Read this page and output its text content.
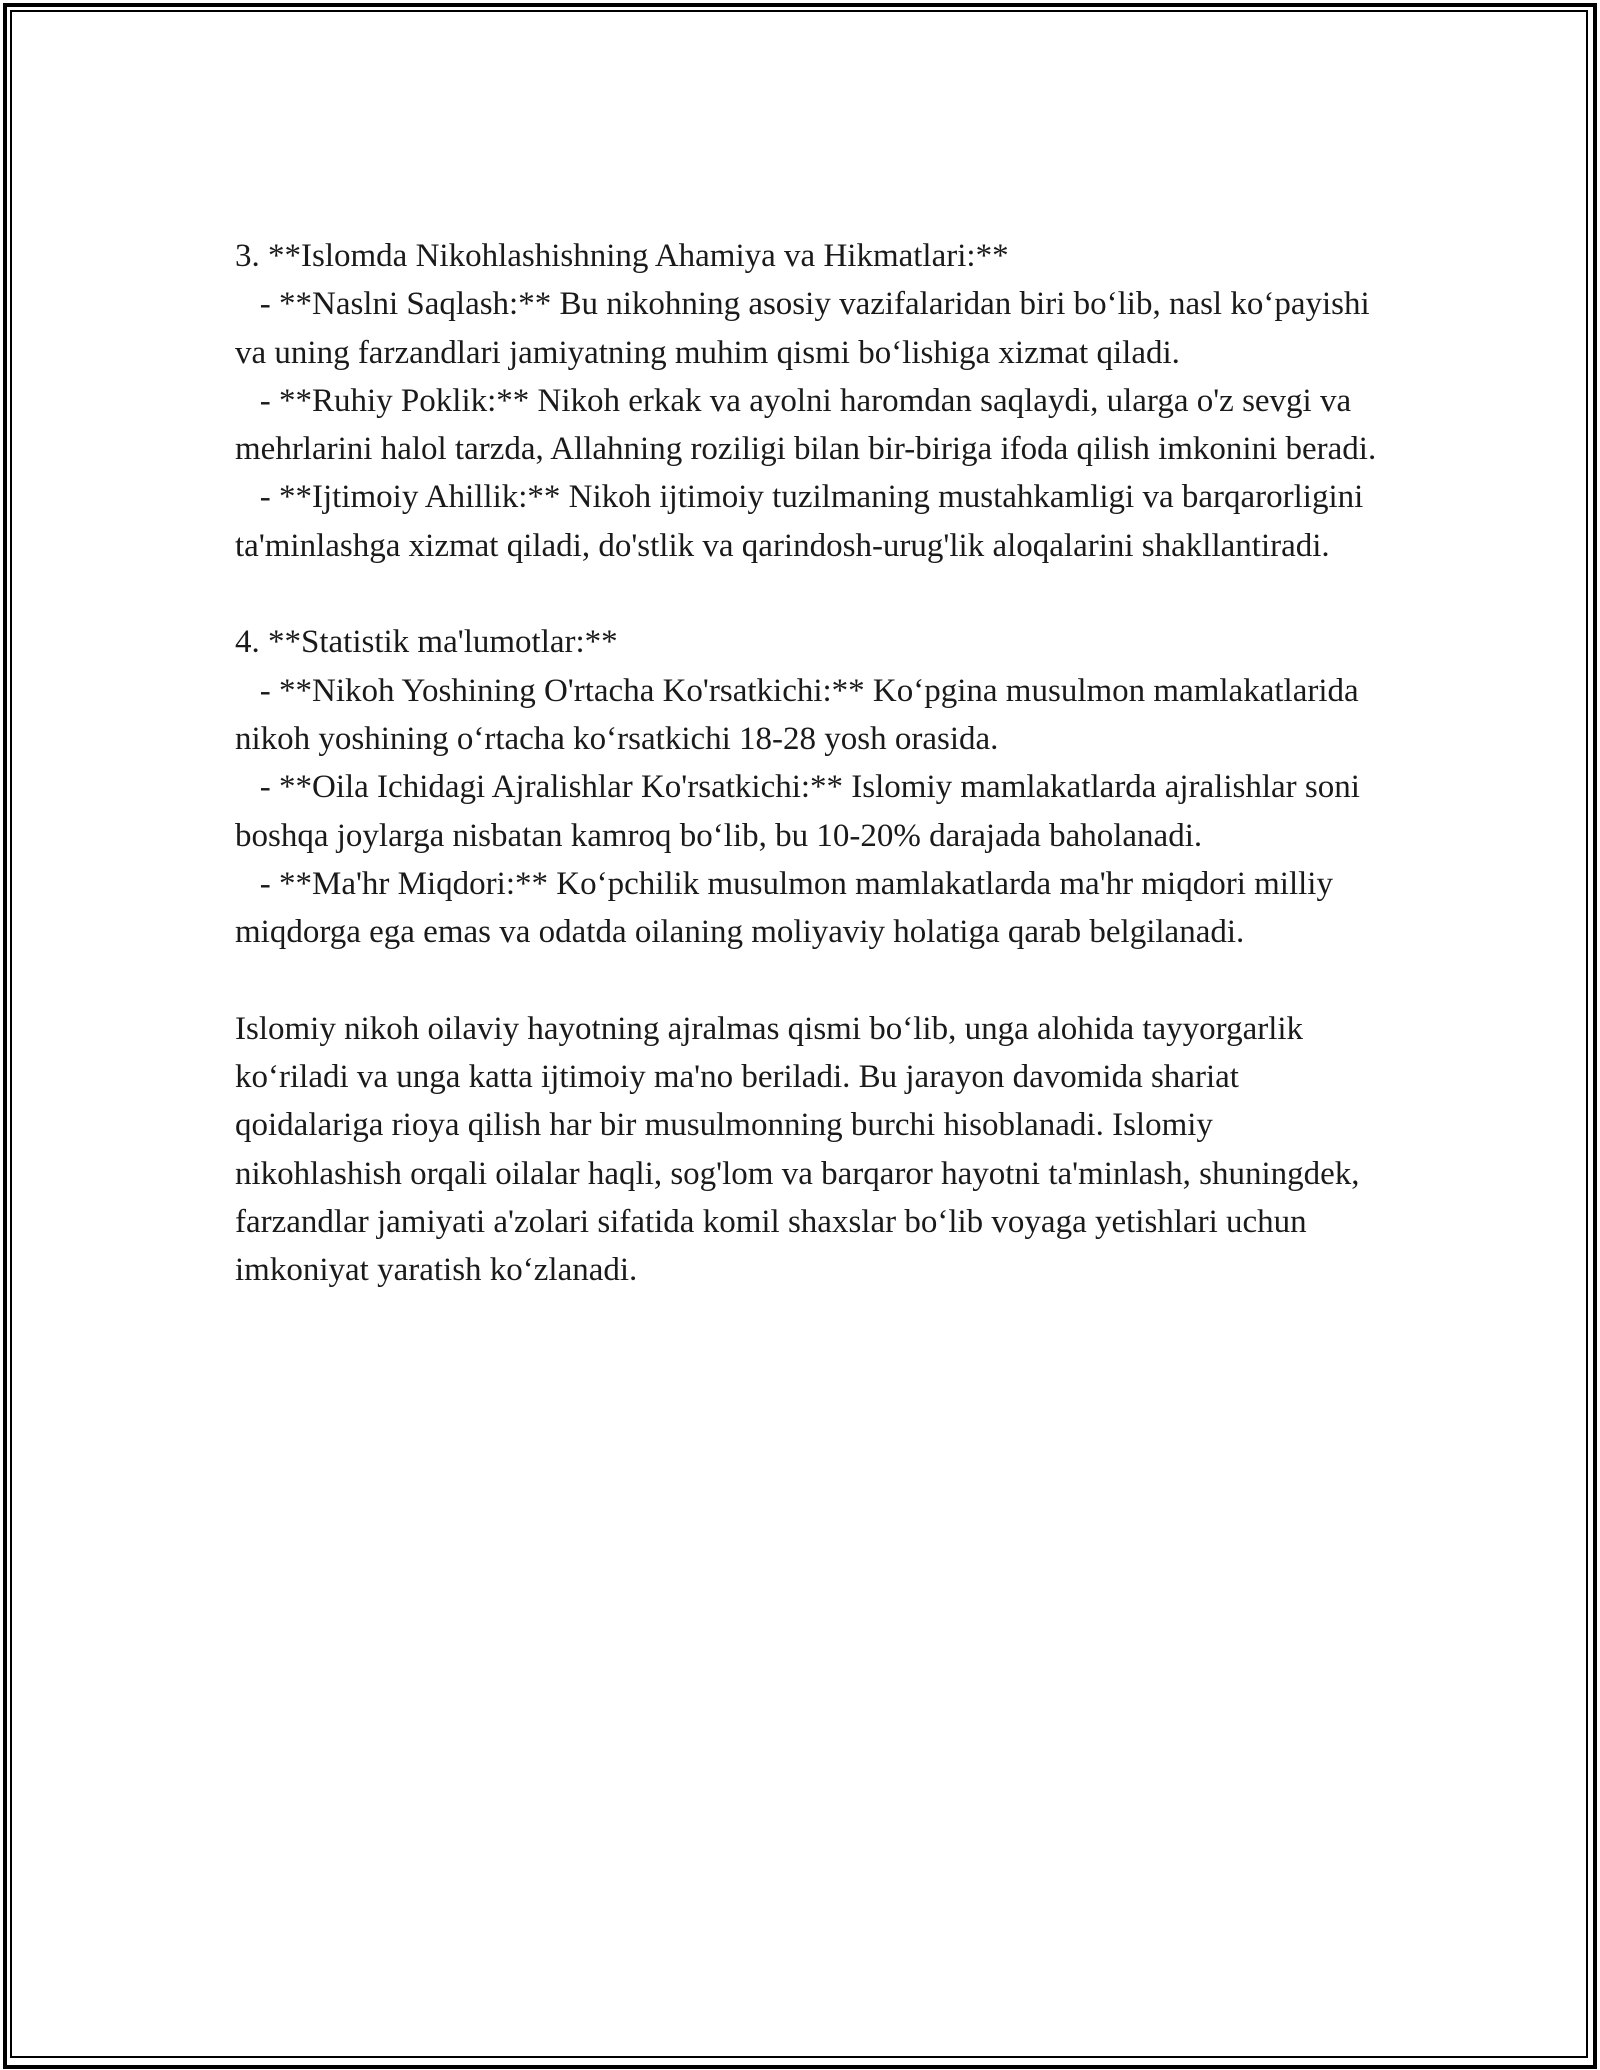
3. **Islomda Nikohlashishning Ahamiya va Hikmatlari:**

- **Naslni Saqlash:** Bu nikohning asosiy vazifalaridan biri bo‘lib, nasl ko‘payishi va uning farzandlari jamiyatning muhim qismi bo‘lishiga xizmat qiladi.

- **Ruhiy Poklik:** Nikoh erkak va ayolni haromdan saqlaydi, ularga o'z sevgi va mehrlarini halol tarzda, Allahning roziligi bilan bir-biriga ifoda qilish imkonini beradi.

- **Ijtimoiy Ahillik:** Nikoh ijtimoiy tuzilmaning mustahkamligi va barqarorligini ta'minlashga xizmat qiladi, do'stlik va qarindosh-urug'lik aloqalarini shakllantiradi.

4. **Statistik ma'lumotlar:**

- **Nikoh Yoshining O'rtacha Ko'rsatkichi:** Ko‘pgina musulmon mamlakatlarida nikoh yoshining o‘rtacha ko‘rsatkichi 18-28 yosh orasida.

- **Oila Ichidagi Ajralishlar Ko'rsatkichi:** Islomiy mamlakatlarda ajralishlar soni boshqa joylarga nisbatan kamroq bo‘lib, bu 10-20% darajada baholanadi.

- **Ma'hr Miqdori:** Ko‘pchilik musulmon mamlakatlarda ma'hr miqdori milliy miqdorga ega emas va odatda oilaning moliyaviy holatiga qarab belgilanadi.

Islomiy nikoh oilaviy hayotning ajralmas qismi bo‘lib, unga alohida tayyorgarlik ko‘riladi va unga katta ijtimoiy ma'no beriladi. Bu jarayon davomida shariat qoidalariga rioya qilish har bir musulmonning burchi hisoblanadi. Islomiy nikohlashish orqali oilalar haqli, sog'lom va barqaror hayotni ta'minlash, shuningdek, farzandlar jamiyati a'zolari sifatida komil shaxslar bo‘lib voyaga yetishlari uchun imkoniyat yaratish ko‘zlanadi.
